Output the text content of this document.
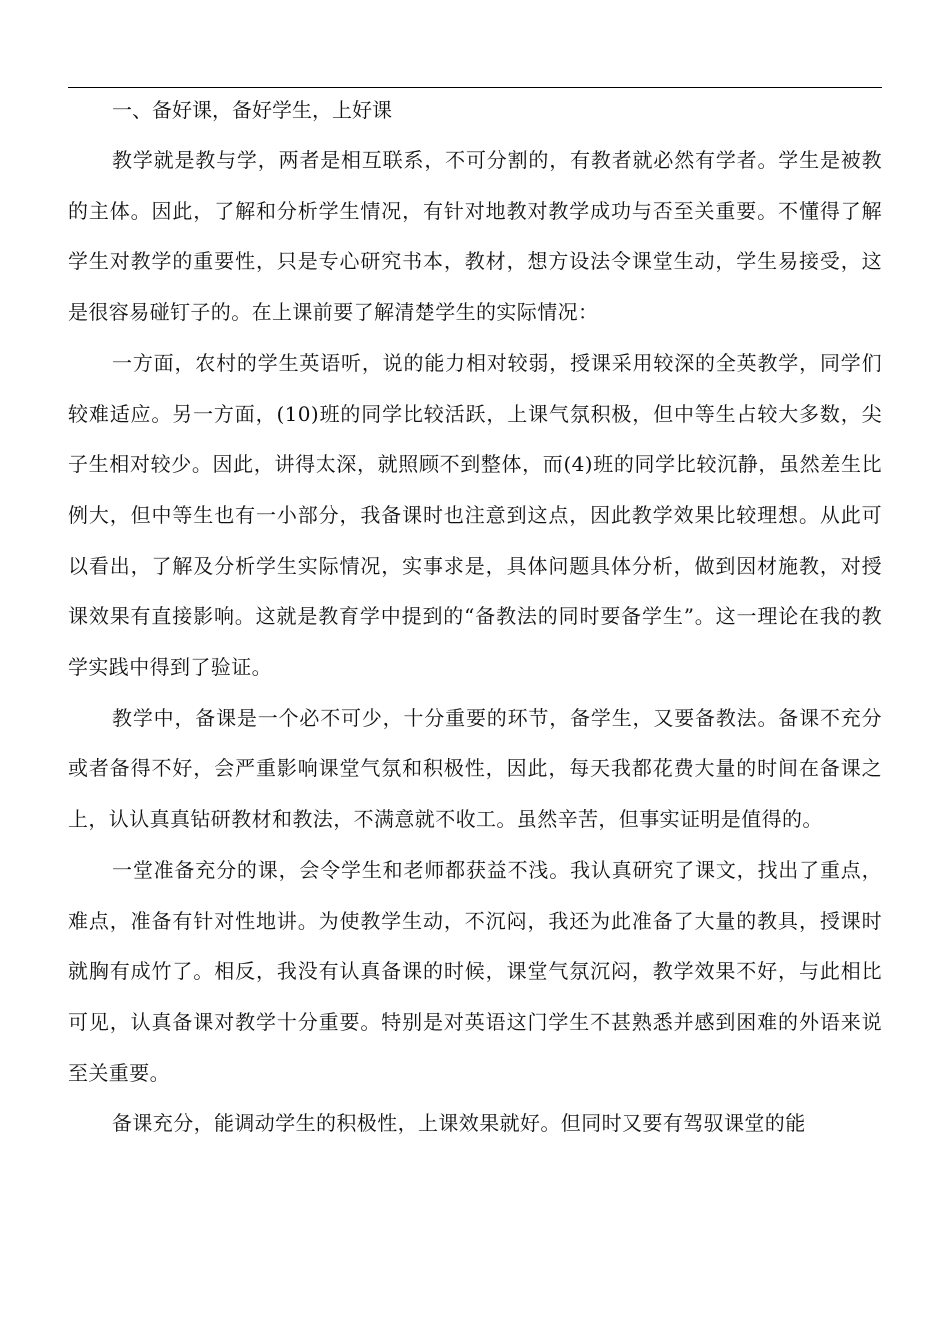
一、备好课，备好学生，上好课

教学就是教与学，两者是相互联系，不可分割的，有教者就必然有学者。学生是被教的主体。因此，了解和分析学生情况，有针对地教对教学成功与否至关重要。不懂得了解学生对教学的重要性，只是专心研究书本，教材，想方设法令课堂生动，学生易接受，这是很容易碰钉子的。在上课前要了解清楚学生的实际情况：

一方面，农村的学生英语听，说的能力相对较弱，授课采用较深的全英教学，同学们较难适应。另一方面，(10)班的同学比较活跃，上课气氛积极，但中等生占较大多数，尖子生相对较少。因此，讲得太深，就照顾不到整体，而(4)班的同学比较沉静，虽然差生比例大，但中等生也有一小部分，我备课时也注意到这点，因此教学效果比较理想。从此可以看出，了解及分析学生实际情况，实事求是，具体问题具体分析，做到因材施教，对授课效果有直接影响。这就是教育学中提到的“备教法的同时要备学生”。这一理论在我的教学实践中得到了验证。

教学中，备课是一个必不可少，十分重要的环节，备学生，又要备教法。备课不充分或者备得不好，会严重影响课堂气氛和积极性，因此，每天我都花费大量的时间在备课之上，认认真真钻研教材和教法，不满意就不收工。虽然辛苦，但事实证明是值得的。

一堂准备充分的课，会令学生和老师都获益不浅。我认真研究了课文，找出了重点，难点，准备有针对性地讲。为使教学生动，不沉闷，我还为此准备了大量的教具，授课时就胸有成竹了。相反，我没有认真备课的时候，课堂气氛沉闷，教学效果不好，与此相比可见，认真备课对教学十分重要。特别是对英语这门学生不甚熟悉并感到困难的外语来说至关重要。

备课充分，能调动学生的积极性，上课效果就好。但同时又要有驾驭课堂的能
